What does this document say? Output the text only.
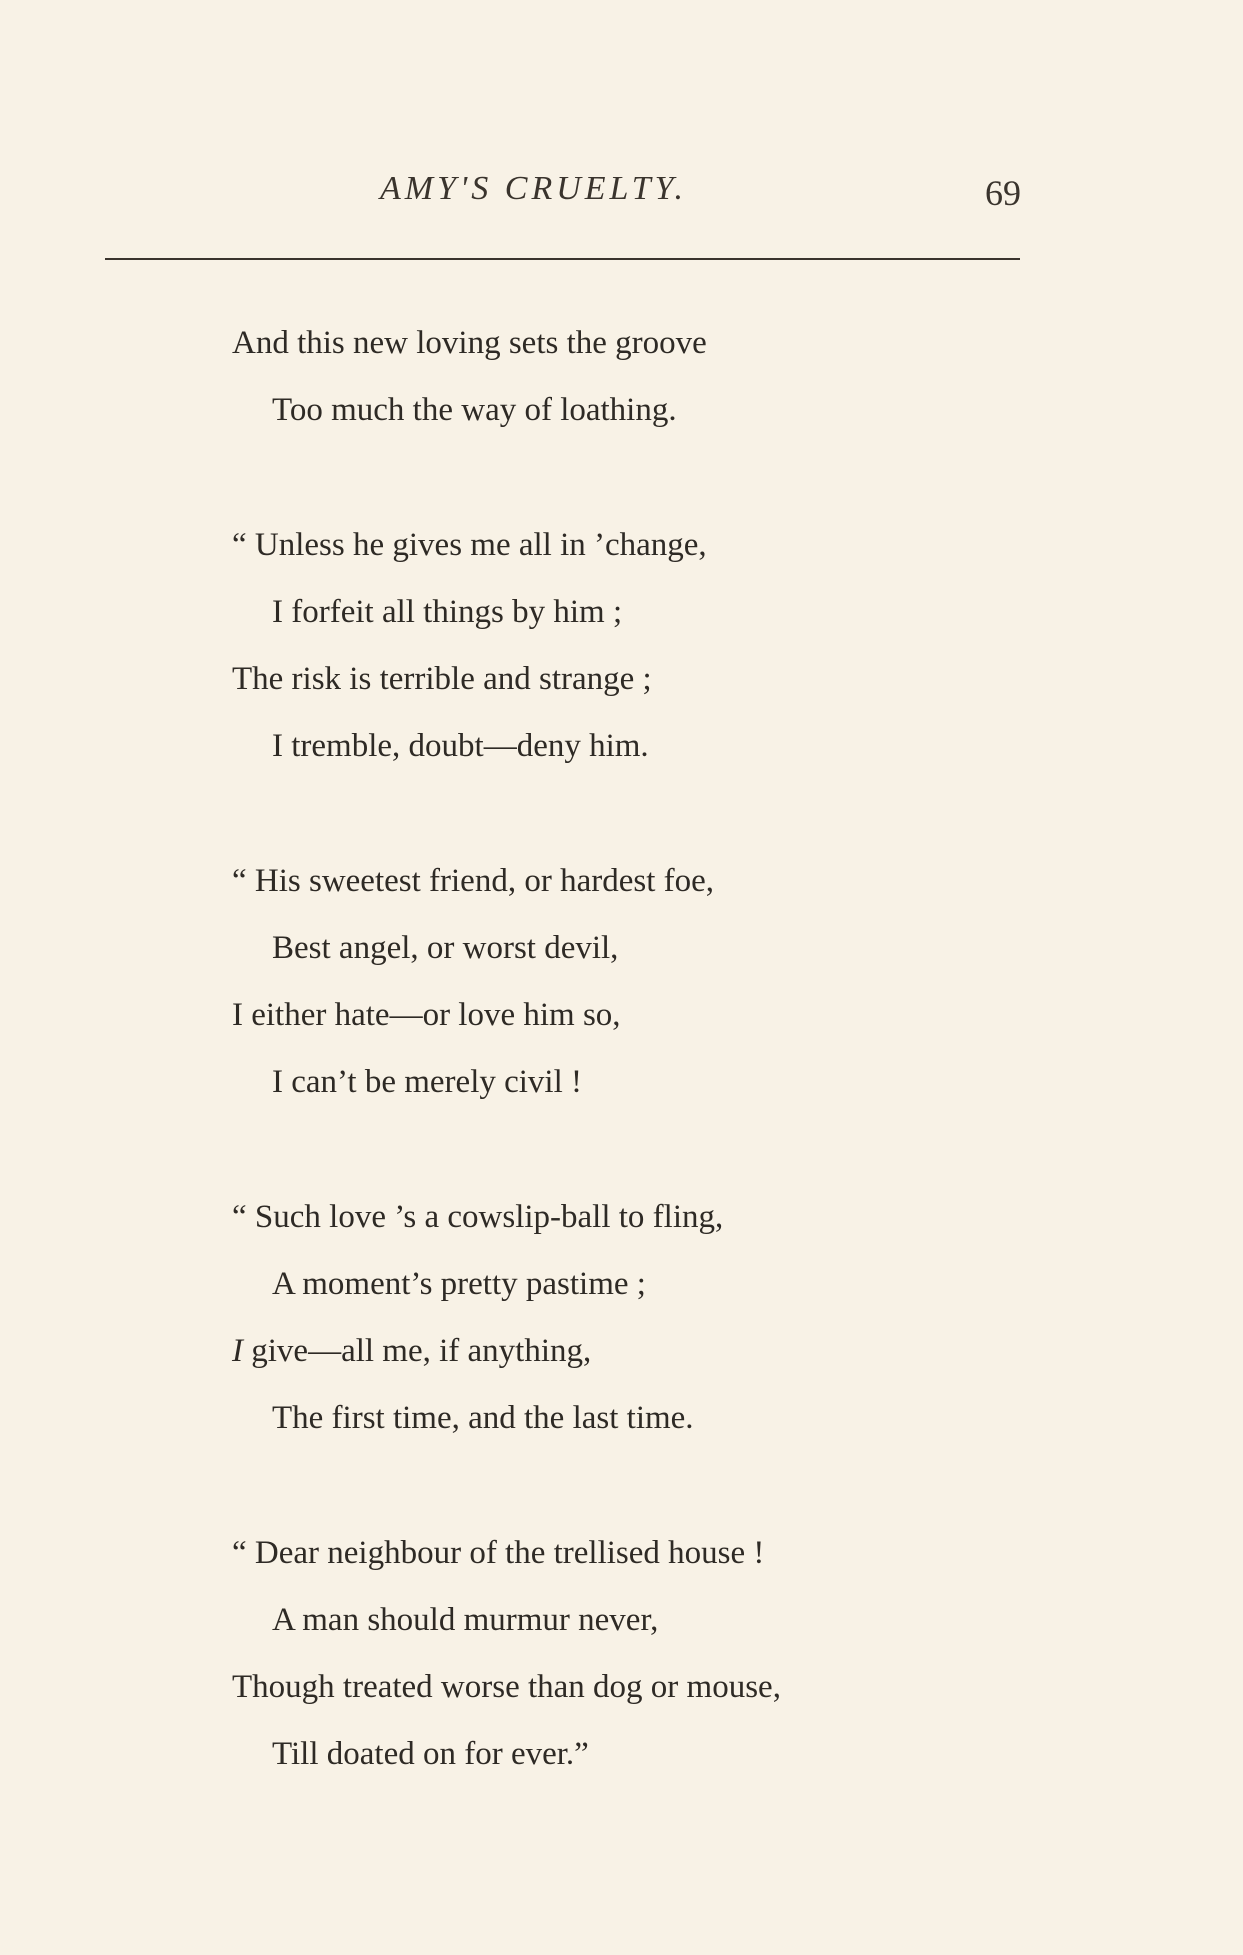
AMY'S CRUELTY.	69
And this new loving sets the groove
Too much the way of loathing.
“ Unless he gives me all in ’change,
I forfeit all things by him ;
The risk is terrible and strange ;
I tremble, doubt—deny him.
“ His sweetest friend, or hardest foe,
Best angel, or worst devil,
I either hate—or love him so,
I can’t be merely civil !
“ Such love ’s a cowslip-ball to fling,
A moment’s pretty pastime ;
I give—all me, if anything,
The first time, and the last time.
“ Dear neighbour of the trellised house !
A man should murmur never,
Though treated worse than dog or mouse,
Till doated on for ever.”
